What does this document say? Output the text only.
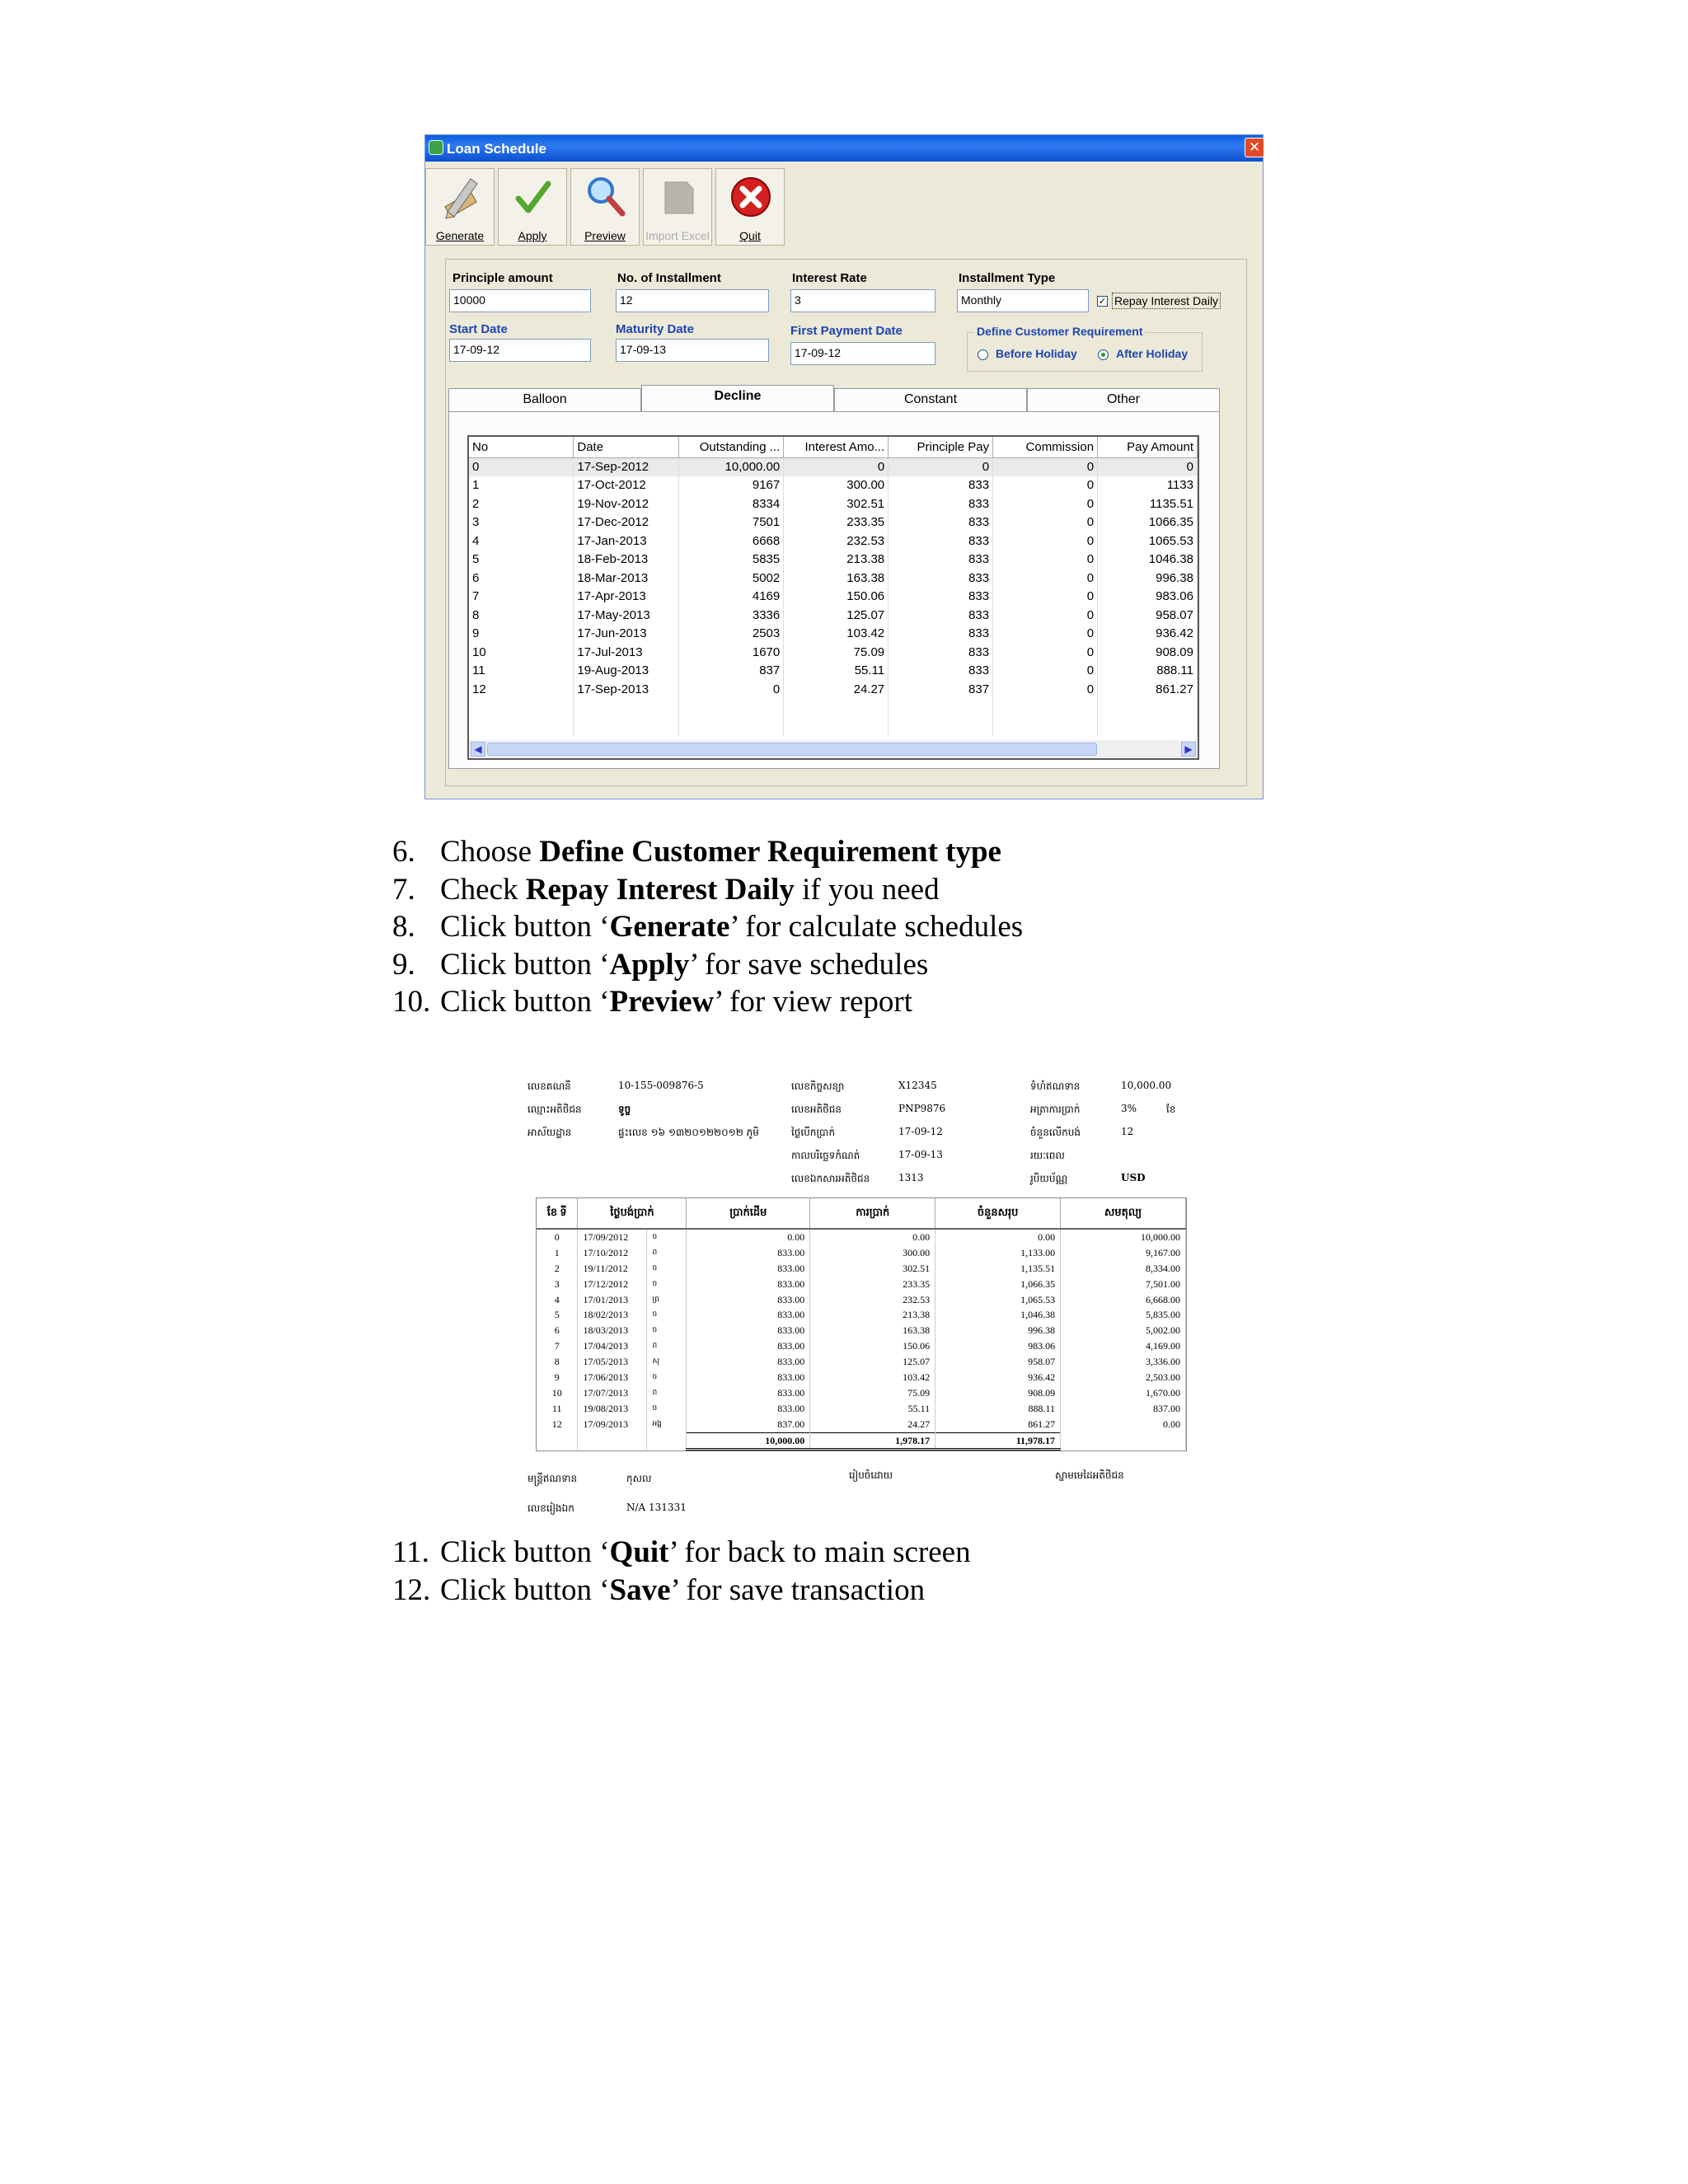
Loan Schedule	✕
Generate	Apply	Preview	Import Excel	Quit
Principle amount
10000
No. of Installment
12
Interest Rate
3
Installment Type
Monthly	✓ Repay Interest Daily
Start Date
17-09-12
Maturity Date
17-09-13
First Payment Date
17-09-12
Define Customer Requirement
Before Holiday	After Holiday
Balloon	Decline	Constant	Other
No	Date	Outstanding ...	Interest Amo...	Principle Pay	Commission	Pay Amount
0	17-Sep-2012	10,000.00	0	0	0	0
1	17-Oct-2012	9167	300.00	833	0	1133
2	19-Nov-2012	8334	302.51	833	0	1135.51
3	17-Dec-2012	7501	233.35	833	0	1066.35
4	17-Jan-2013	6668	232.53	833	0	1065.53
5	18-Feb-2013	5835	213.38	833	0	1046.38
6	18-Mar-2013	5002	163.38	833	0	996.38
7	17-Apr-2013	4169	150.06	833	0	983.06
8	17-May-2013	3336	125.07	833	0	958.07
9	17-Jun-2013	2503	103.42	833	0	936.42
10	17-Jul-2013	1670	75.09	833	0	908.09
11	19-Aug-2013	837	55.11	833	0	888.11
12	17-Sep-2013	0	24.27	837	0	861.27

◀	▶
6. Choose Define Customer Requirement type
7. Check Repay Interest Daily if you need
8. Click button ‘Generate’ for calculate schedules
9. Click button ‘Apply’ for save schedules
10. Click button ‘Preview’ for view report
លេខគណនី	10-155-009876-5
ឈ្មោះអតិថិជន	ទូច្ច
អាស័យដ្ឋាន	ផ្ទះលេខ ១៦ ១៣២០១២២០១២ ភូមិ
លេខកិច្ចសន្យា	X12345
លេខអតិថិជន	PNP9876
ថ្ងៃបើកប្រាក់	17-09-12
កាលបរិច្ឆេទកំណត់	17-09-13
លេខឯកសារអតិថិជន	1313
ទំហំឥណទាន	10,000.00
អត្រាការប្រាក់	3%
ចំនួនលើកបង់	12
រយៈពេល
រូបិយប័ណ្ណ	USD
ខែ
ខែ ទី	ថ្ងៃបង់ប្រាក់		ប្រាក់ដើម	ការប្រាក់	ចំនួនសរុប	សមតុល្យ
0	17/09/2012	ច	0.00	0.00	0.00	10,000.00
1	17/10/2012	ព	833.00	300.00	1,133.00	9,167.00
2	19/11/2012	ច	833.00	302.51	1,135.51	8,334.00
3	17/12/2012	ច	833.00	233.35	1,066.35	7,501.00
4	17/01/2013	ព្រ	833.00	232.53	1,065.53	6,668.00
5	18/02/2013	ច	833.00	213.38	1,046.38	5,835.00
6	18/03/2013	ច	833.00	163.38	996.38	5,002.00
7	17/04/2013	ព	833.00	150.06	983.06	4,169.00
8	17/05/2013	សុ	833.00	125.07	958.07	3,336.00
9	17/06/2013	ច	833.00	103.42	936.42	2,503.00
10	17/07/2013	ព	833.00	75.09	908.09	1,670.00
11	19/08/2013	ច	833.00	55.11	888.11	837.00
12	17/09/2013	អង្គ	837.00	24.27	861.27	0.00
			10,000.00	1,978.17	11,978.17	
មន្ត្រីឥណទាន	កុសល	រៀបចំដោយ	ស្នាមមេដៃអតិថិជន
លេខរៀងឯក	N/A 131331
11. Click button ‘Quit’ for back to main screen
12. Click button ‘Save’ for save transaction
